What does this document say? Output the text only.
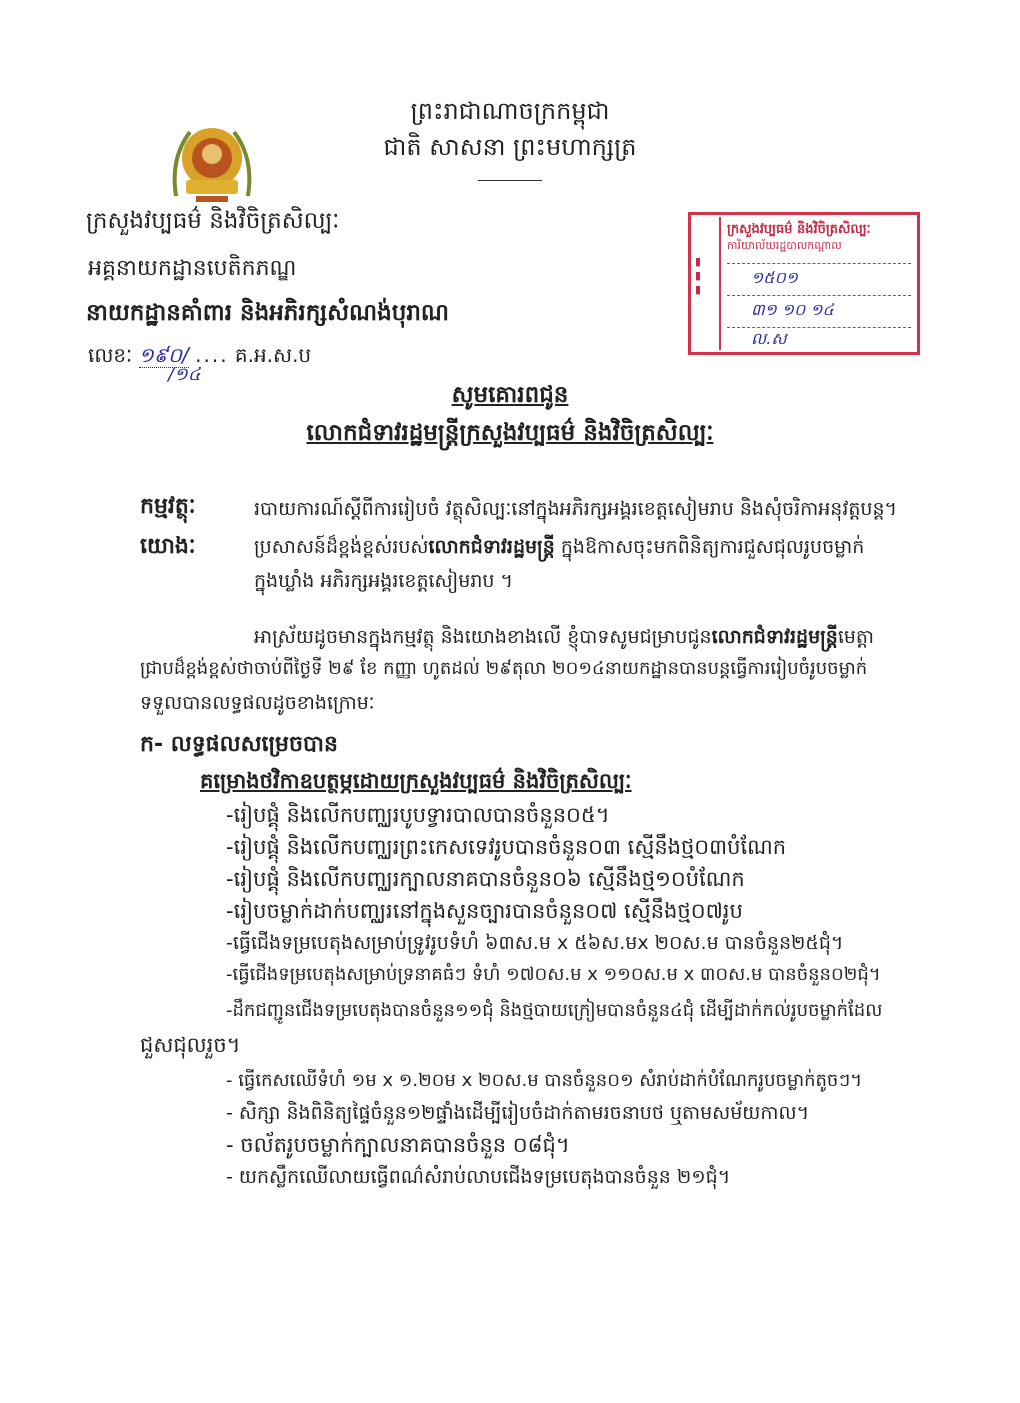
ព្រះរាជាណាចក្រកម្ពុជា
ជាតិ សាសនា ព្រះមហាក្សត្រ
ក្រសួងវប្បធម៌ និងវិចិត្រសិល្បៈ
អគ្គនាយកដ្ឋានបេតិកភណ្ឌ
នាយកដ្ឋានគាំពារ និងអភិរក្សសំណង់បុរាណ
លេខៈ ១៩០/ .... គ.អ.ស.ប
/១៤
▮
▮
▮
ក្រសួងវប្បធម៌ និងវិចិត្រសិល្បៈ
ការិយាល័យរដ្ឋបាលកណ្តាល
១៥០១
៣១ ១០ ១៤
ល.ស
សូមគោរពជូន
លោកជំទាវរដ្ឋមន្ត្រីក្រសួងវប្បធម៌ និងវិចិត្រសិល្បៈ
កម្មវត្ថុៈ	របាយការណ៍ស្តីពីការរៀបចំ វត្ថុសិល្បៈនៅក្នុងអភិរក្សអង្គរខេត្តសៀមរាប និងសុំចរិកាអនុវត្តបន្ត។
យោងៈ	ប្រសាសន៍ដ៏ខ្ពង់ខ្ពស់របស់លោកជំទាវរដ្ឋមន្ត្រី ក្នុងឱកាសចុះមកពិនិត្យការជួសជុលរូបចម្លាក់
ក្នុងឃ្លាំង អភិរក្សអង្គរខេត្តសៀមរាប ។
អាស្រ័យដូចមានក្នុងកម្មវត្ថុ និងយោងខាងលើ ខ្ញុំបាទសូមជម្រាបជូនលោកជំទាវរដ្ឋមន្ត្រីមេត្តា
ជ្រាបដ៏ខ្ពង់ខ្ពស់ថាចាប់ពីថ្ងៃទី ២៩ ខែ កញ្ញា ហូតដល់ ២៩តុលា ២០១៤នាយកដ្ឋានបានបន្តធ្វើការរៀបចំរូបចម្លាក់
ទទួលបានលទ្ធផលដូចខាងក្រោមៈ
ក- លទ្ធផលសម្រេចបាន
គម្រោងថវិកាឧបត្ថម្ភដោយក្រសួងវប្បធម៌ និងវិចិត្រសិល្បៈ
-រៀបផ្គុំ និងលើកបញ្ឈរបូបទ្វារបាលបានចំនួន០៥។
-រៀបផ្គុំ និងលើកបញ្ឈរព្រះកេសទេវរូបបានចំនួន០៣ ស្មើនឹងថ្ម០៣បំណែក
-រៀបផ្គុំ និងលើកបញ្ឈរក្បាលនាគបានចំនួន០៦ ស្មើនឹងថ្ម១០បំណែក
-រៀបចម្លាក់ដាក់បញ្ឈរនៅក្នុងសួនច្បារបានចំនួន០៧ ស្មើនឹងថ្ម០៧រូប
-ធ្វើជើងទម្របេតុងសម្រាប់ទ្រូវរូបទំហំ ៦៣ស.ម x ៥៦ស.មx ២០ស.ម បានចំនួន២៥ជុំ។
-ធ្វើជើងទម្របេតុងសម្រាប់ទ្រនាគធំៗ ទំហំ ១៧០ស.ម x ១១០ស.ម x ៣០ស.ម បានចំនួន០២ជុំ។
-ដឹកជញ្ជូនជើងទម្របេតុងបានចំនួន១១ជុំ និងថ្មបាយក្រៀមបានចំនួន៤ជុំ ដើម្បីដាក់កល់រូបចម្លាក់ដែល
ជួសជុលរួច។
- ធ្វើកេសឈើទំហំ ១ម x ១.២០ម x ២០ស.ម បានចំនួន០១ សំរាប់ដាក់បំណែករូបចម្លាក់តូចៗ។
- សិក្សា និងពិនិត្យផ្ទៃចំនួន១២ផ្ទាំងដើម្បីរៀបចំដាក់តាមរចនាបថ ឬតាមសម័យកាល។
- ចល័តរូបចម្លាក់ក្បាលនាគបានចំនួន ០៨ជុំ។
- យកស្លឹកឈើលាយធ្វើពណ៌សំរាប់លាបជើងទម្របេតុងបានចំនួន ២១ជុំ។
